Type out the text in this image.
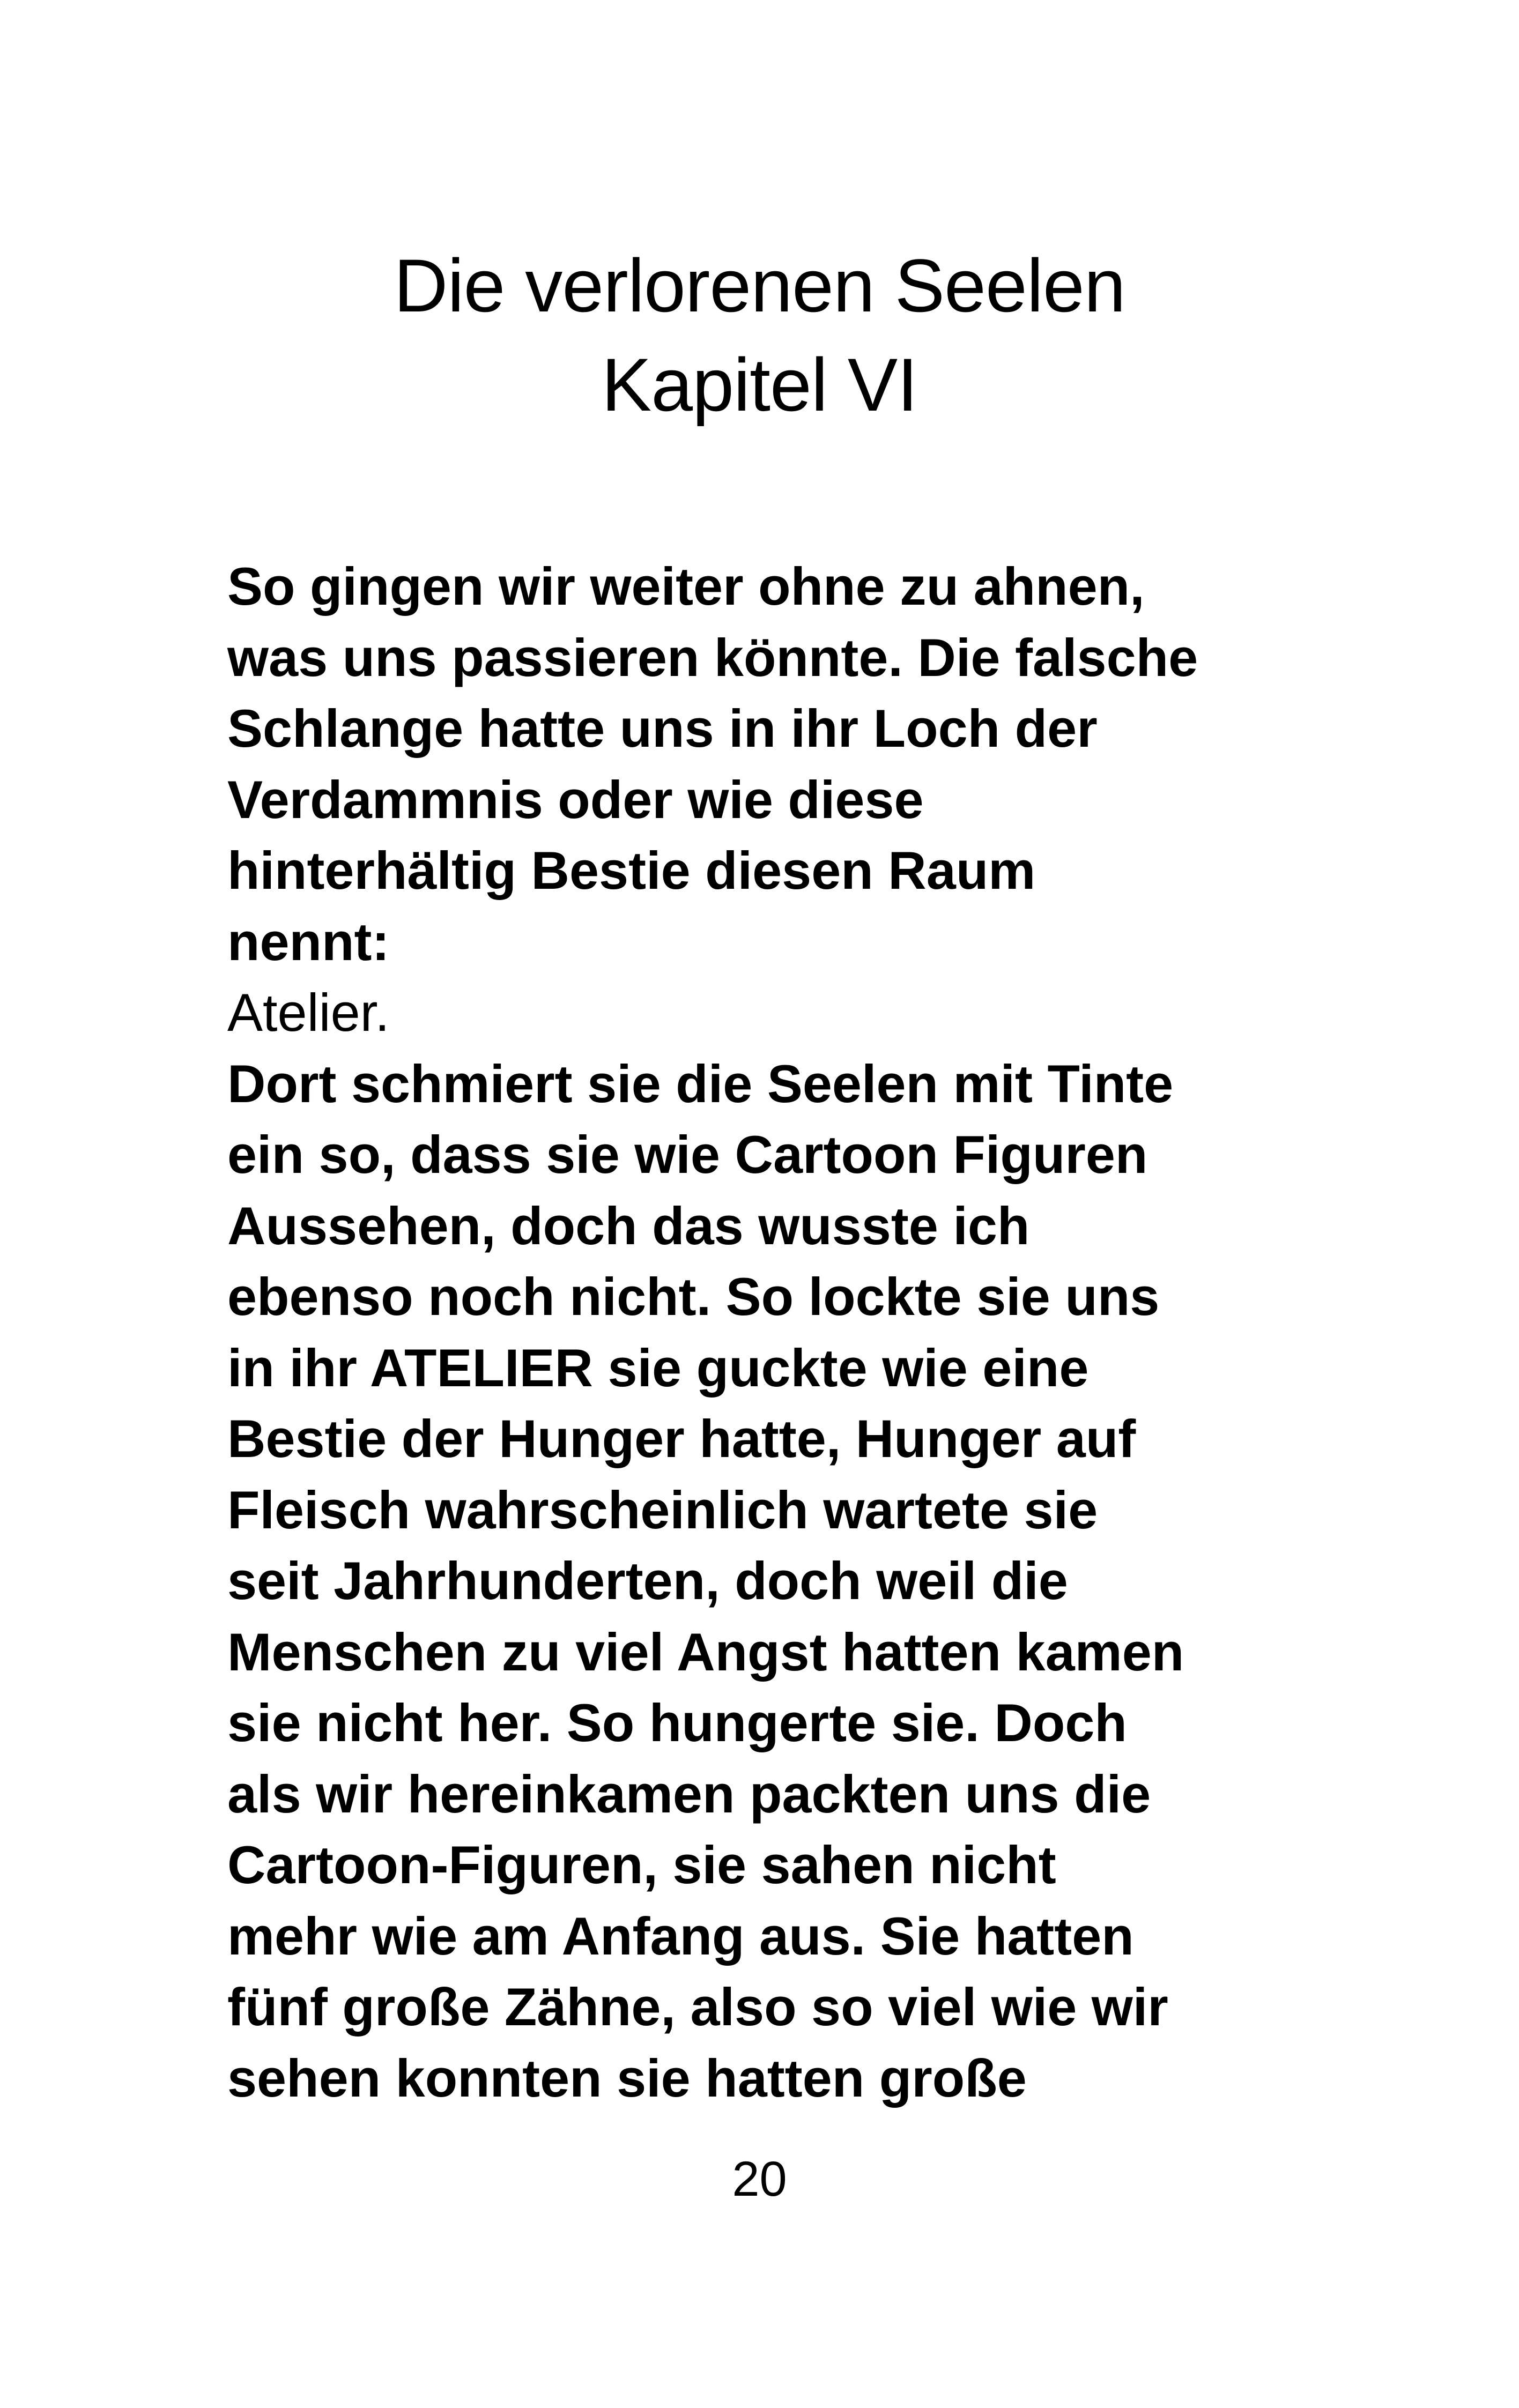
Die verlorenen Seelen
Kapitel VI
So gingen wir weiter ohne zu ahnen,
was uns passieren könnte. Die falsche
Schlange hatte uns in ihr Loch der
Verdammnis oder wie diese
hinterhältig Bestie diesen Raum
nennt:
Atelier.
Dort schmiert sie die Seelen mit Tinte
ein so, dass sie wie Cartoon Figuren
Aussehen, doch das wusste ich
ebenso noch nicht. So lockte sie uns
in ihr ATELIER sie guckte wie eine
Bestie der Hunger hatte, Hunger auf
Fleisch wahrscheinlich wartete sie
seit Jahrhunderten, doch weil die
Menschen zu viel Angst hatten kamen
sie nicht her. So hungerte sie. Doch
als wir hereinkamen packten uns die
Cartoon-Figuren, sie sahen nicht
mehr wie am Anfang aus. Sie hatten
fünf große Zähne, also so viel wie wir
sehen konnten sie hatten große
20
